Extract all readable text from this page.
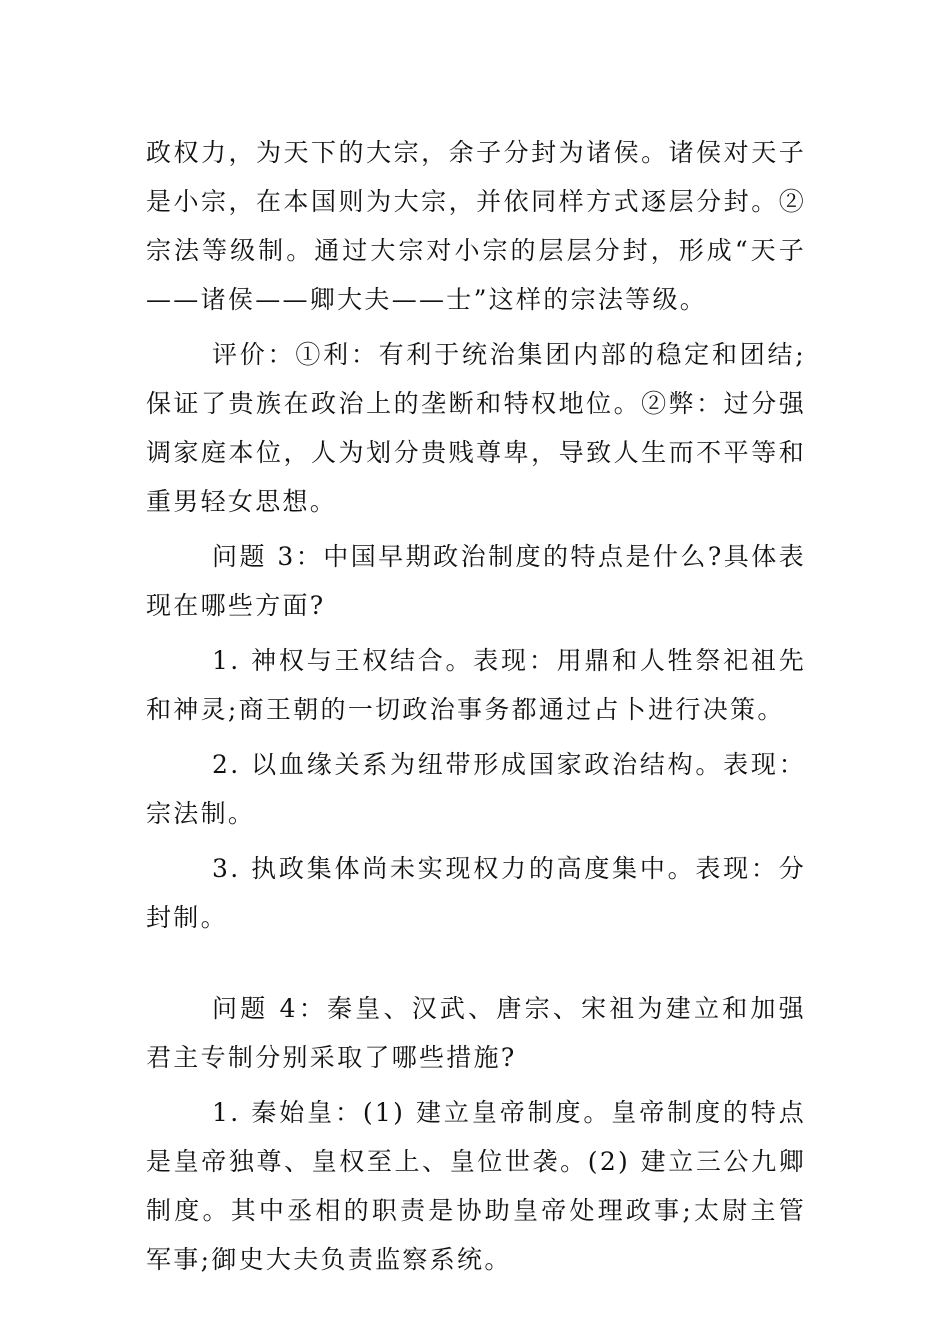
政权力，为天下的大宗，余子分封为诸侯。诸侯对天子是小宗，在本国则为大宗，并依同样方式逐层分封。②宗法等级制。通过大宗对小宗的层层分封，形成“天子——诸侯——卿大夫——士”这样的宗法等级。

评价：①利：有利于统治集团内部的稳定和团结;保证了贵族在政治上的垄断和特权地位。②弊：过分强调家庭本位，人为划分贵贱尊卑，导致人生而不平等和重男轻女思想。

问题 3：中国早期政治制度的特点是什么?具体表现在哪些方面?

1. 神权与王权结合。表现：用鼎和人牲祭祀祖先和神灵;商王朝的一切政治事务都通过占卜进行决策。

2. 以血缘关系为纽带形成国家政治结构。表现：宗法制。

3. 执政集体尚未实现权力的高度集中。表现：分封制。

问题 4：秦皇、汉武、唐宗、宋祖为建立和加强君主专制分别采取了哪些措施?

1. 秦始皇：(1) 建立皇帝制度。皇帝制度的特点是皇帝独尊、皇权至上、皇位世袭。(2) 建立三公九卿制度。其中丞相的职责是协助皇帝处理政事;太尉主管军事;御史大夫负责监察系统。
